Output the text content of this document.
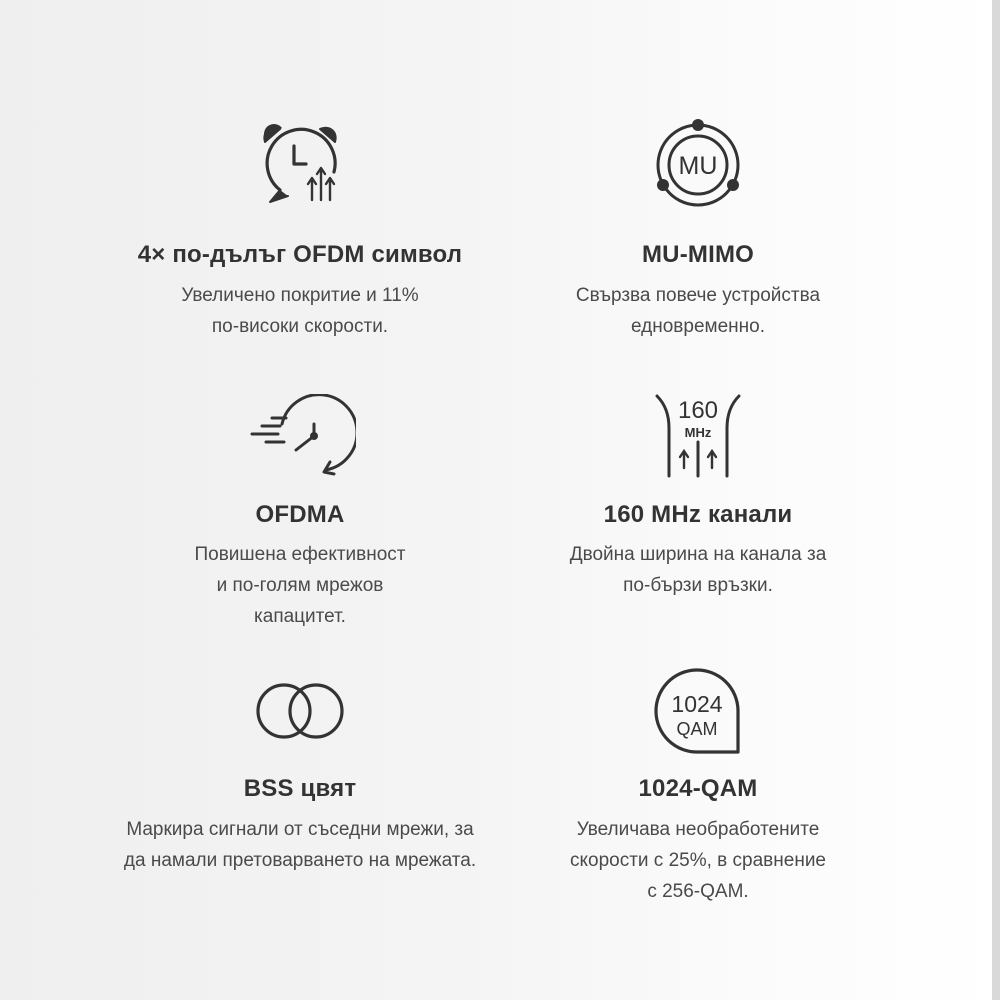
4× по-дълъг OFDM символ
Увеличено покритие и 11%
по-високи скорости.
MU
MU-MIMO
Свързва повече устройства
едновременно.
OFDMA
Повишена ефективност
и по-голям мрежов
капацитет.
160
MHz
160 MHz канали
Двойна ширина на канала за
по-бързи връзки.
BSS цвят
Маркира сигнали от съседни мрежи, за
да намали претоварването на мрежата.
1024
QAM
1024-QAM
Увеличава необработените
скорости с 25%, в сравнение
с 256-QAM.
